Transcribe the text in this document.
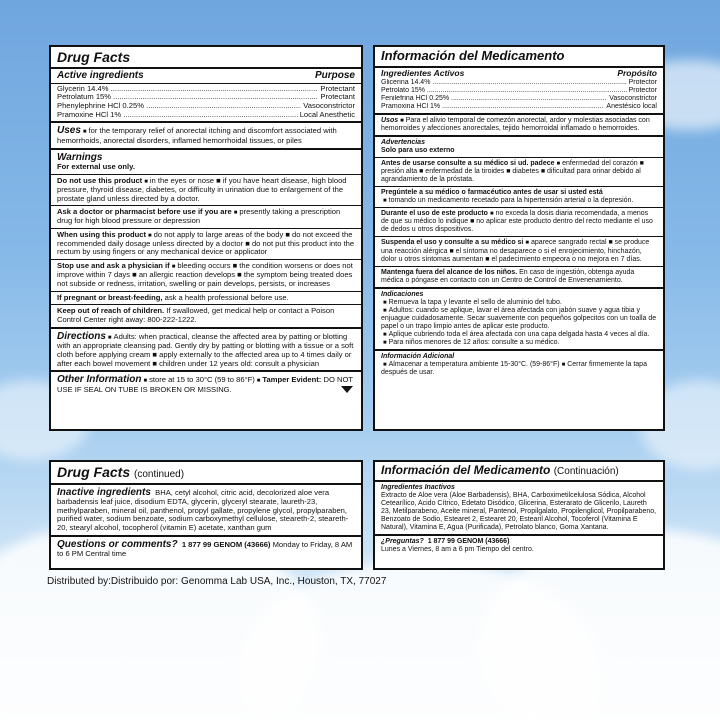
Drug Facts
Active ingredients	Purpose
Glycerin 14.4% .....	Protectant
Petrolatum 15% .....	Protectant
Phenylephrine HCl 0.25% .....	Vasoconstrictor
Pramoxine HCl 1% .....	Local Anesthetic
Uses ■ for the temporary relief of anorectal itching and discomfort associated with hemorrhoids, anorectal disorders, inflamed hemorrhoidal tissues, or piles
Warnings
For external use only.
Do not use this product ■ in the eyes or nose ■ if you have heart disease, high blood pressure, thyroid disease, diabetes, or difficulty in urination due to enlargement of the prostate gland unless directed by a doctor.
Ask a doctor or pharmacist before use if you are ■ presently taking a prescription drug for high blood pressure or depression
When using this product ■ do not apply to large areas of the body ■ do not exceed the recommended daily dosage unless directed by a doctor ■ do not put this product into the rectum by using fingers or any mechanical device or applicator
Stop use and ask a physician if ■ bleeding occurs ■ the condition worsens or does not improve within 7 days ■ an allergic reaction develops ■ the symptom being treated does not subside or redness, irritation, swelling or pain develops, persists, or increases
If pregnant or breast-feeding, ask a health professional before use.
Keep out of reach of children. If swallowed, get medical help or contact a Poison Control Center right away: 800-222-1222.
Directions ■ Adults: when practical, cleanse the affected area by patting or blotting with an appropriate cleansing pad. Gently dry by patting or blotting with a tissue or a soft cloth before applying cream ■ apply externally to the affected area up to 4 times daily or after each bowel movement ■ children under 12 years old: consult a physician
Other Information ■ store at 15 to 30°C (59 to 86°F) ■ Tamper Evident: DO NOT USE IF SEAL ON TUBE IS BROKEN OR MISSING.
Información del Medicamento
Ingredientes Activos	Propósito
Glicerina 14.4% .....	Protector
Petrolato 15% .....	Protector
Fenilefrina HCl 0.25% .....	Vasoconstrictor
Pramoxina HCl 1% .....	Anestésico local
Usos ■ Para el alivio temporal de comezón anorectal, ardor y molestias asociadas con hemorroides y afecciones anorectales, tejido hemorroidal inflamado o hemorroides.
Advertencias
Solo para uso externo
Antes de usarse consulte a su médico si ud. padece ■ enfermedad del corazón ■ presión alta ■ enfermedad de la tiroides ■ diabetes ■ dificultad para orinar debido al agrandamiento de la próstata.
Pregúntele a su médico o farmacéutico antes de usar si usted está
■ tomando un medicamento recetado para la hipertensión arterial o la depresión.
Durante el uso de este producto ■ no exceda la dosis diaria recomendada, a menos de que su médico lo indique ■ no aplicar este producto dentro del recto mediante el uso de dedos u otros dispositivos.
Suspenda el uso y consulte a su médico si ■ aparece sangrado rectal ■ se produce una reacción alérgica ■ el síntoma no desaparece o si el enrojecimiento, hinchazón, dolor u otros síntomas aumentan ■ el padecimiento empeora o no mejora en 7 días.
Mantenga fuera del alcance de los niños. En caso de ingestión, obtenga ayuda médica o póngase en contacto con un Centro de Control de Envenenamiento.
Indicaciones
■ Remueva la tapa y levante el sello de aluminio del tubo.
■ Adultos: cuando se aplique, lavar el área afectada con jabón suave y agua tibia y enjuague cuidadosamente. Secar suavemente con pequeños golpecitos con un toalla de papel o un trapo limpio antes de aplicar este producto.
■ Aplique cubriendo toda el área afectada con una capa delgada hasta 4 veces al día.
■ Para niños menores de 12 años: consulte a su médico.
Información Adicional
■ Almacenar a temperatura ambiente 15-30°C. (59-86°F) ■ Cerrar firmemente la tapa después de usar.
Drug Facts (continued)
Inactive ingredients BHA, cetyl alcohol, citric acid, decolorized aloe vera barbadensis leaf juice, disodium EDTA, glycerin, glyceryl stearate, laureth-23, methylparaben, mineral oil, panthenol, propyl gallate, propylene glycol, propylparaben, purified water, sodium benzoate, sodium carboxymethyl cellulose, steareth-2, steareth-20, stearyl alcohol, tocopherol (vitamin E) acetate, xanthan gum
Questions or comments? 1 877 99 GENOM (43666) Monday to Friday, 8 AM to 6 PM Central time
Información del Medicamento (Continuación)
Ingredientes Inactivos
Extracto de Aloe vera (Aloe Barbadensis), BHA, Carboximetilcelulosa Sódica, Alcohol Cetearílico, Acido Cítrico, Edetato Disódico, Glicerina, Esterarato de Glicerilo, Laureth 23, Metilparabeno, Aceite mineral, Pantenol, Propilgalato, Propilenglicol, Propilparabeno, Benzoato de Sodio, Estearet 2, Estearet 20, Estearil Alcohol, Tocoferol (Vitamina E Natural), Vitamina E, Agua (Purificada), Petrolato blanco, Goma Xantana.
¿Preguntas? 1 877 99 GENOM (43666)
Lunes a Viernes, 8 am a 6 pm Tiempo del centro.
Distributed by:Distribuido por: Genomma Lab USA, Inc., Houston, TX, 77027
